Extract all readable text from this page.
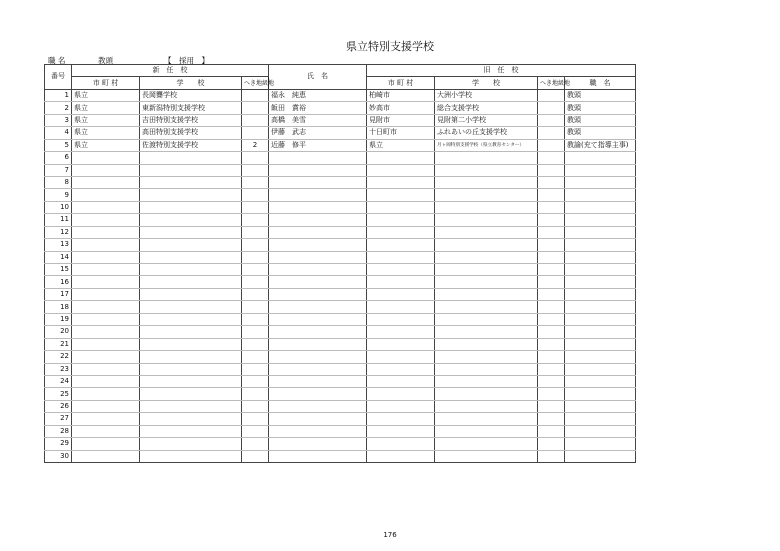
県立特別支援学校
職 名	教頭	【　採用　】
番号	新　任　校			氏　名	旧　任　校			
	市 町 村	学　　校	へき地級地		市 町 村	学　　校	へき地級地	職　名
1	県立	長岡聾学校		福永　純恵	柏崎市	大洲小学校		教頭
2	県立	東新潟特別支援学校		飯田　賞裕	妙高市	総合支援学校		教頭
3	県立	吉田特別支援学校		高橋　美雪	見附市	見附第二小学校		教頭
4	県立	高田特別支援学校		伊藤　武志	十日町市	ふれあいの丘支援学校		教頭
5	県立	佐渡特別支援学校	2	近藤　修平	県立	月ヶ岡特別支援学校（県立教育センター）		教諭(充て指導主事)
6								
7								
8								
9								
10								
11								
12								
13								
14								
15								
16								
17								
18								
19								
20								
21								
22								
23								
24								
25								
26								
27								
28								
29								
30								
176
